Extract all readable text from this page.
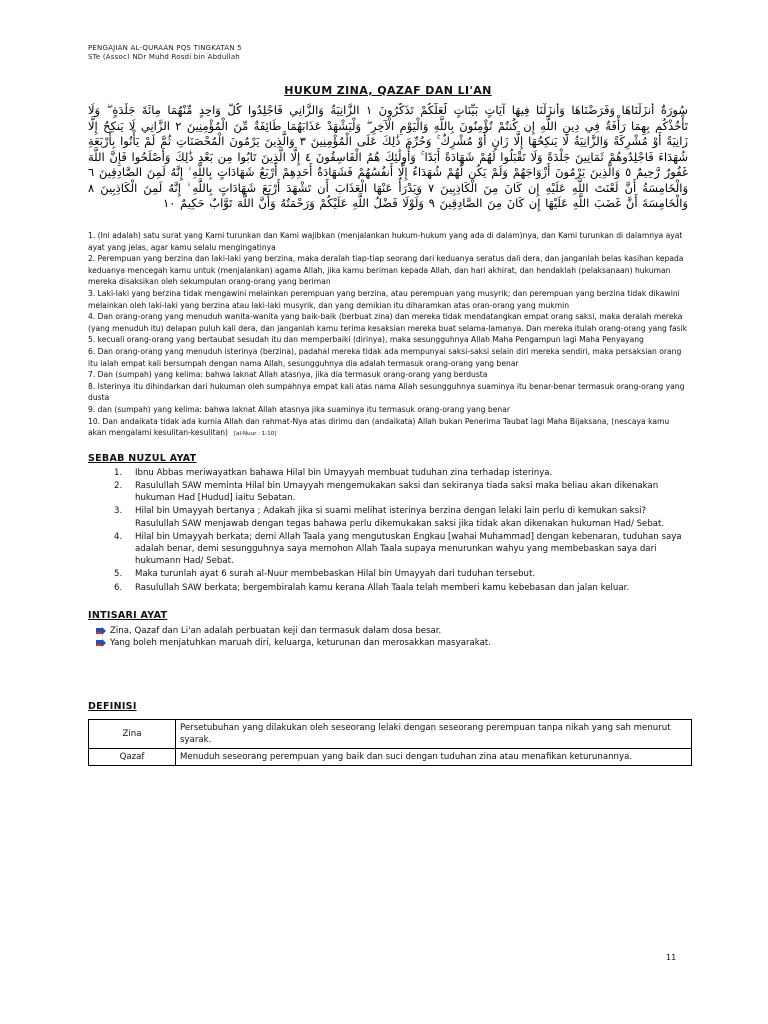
PENGAJIAN AL-QURAAN PQS TINGKATAN 5
STe (Assoc) NDr Muhd Rosdi bin Abdullah
HUKUM ZINA, QAZAF DAN LI'AN
سُورَةٌ أَنزَلْنَاهَا وَفَرَضْنَاهَا وَأَنزَلْنَا فِيهَا آيَاتٍ بَيِّنَاتٍ لَّعَلَّكُمْ تَذَكَّرُونَ ١ الزَّانِيَةُ وَالزَّانِي فَاجْلِدُوا كُلَّ وَاحِدٍ مِّنْهُمَا مِائَةَ جَلْدَةٍ ۖ وَلَا تَأْخُذْكُم بِهِمَا رَأْفَةٌ فِي دِينِ اللَّهِ إِن كُنتُمْ تُؤْمِنُونَ بِاللَّهِ وَالْيَوْمِ الْآخِرِ ۖ وَلْيَشْهَدْ عَذَابَهُمَا طَائِفَةٌ مِّنَ الْمُؤْمِنِينَ ٢ الزَّانِي لَا يَنكِحُ إِلَّا زَانِيَةً أَوْ مُشْرِكَةً وَالزَّانِيَةُ لَا يَنكِحُهَا إِلَّا زَانٍ أَوْ مُشْرِكٌ ۚ وَحُرِّمَ ذَٰلِكَ عَلَى الْمُؤْمِنِينَ ٣ وَالَّذِينَ يَرْمُونَ الْمُحْصَنَاتِ ثُمَّ لَمْ يَأْتُوا بِأَرْبَعَةِ شُهَدَاءَ فَاجْلِدُوهُمْ ثَمَانِينَ جَلْدَةً وَلَا تَقْبَلُوا لَهُمْ شَهَادَةً أَبَدًا ۚ وَأُولَٰئِكَ هُمُ الْفَاسِقُونَ ٤ إِلَّا الَّذِينَ تَابُوا مِن بَعْدِ ذَٰلِكَ وَأَصْلَحُوا فَإِنَّ اللَّهَ غَفُورٌ رَّحِيمٌ ٥ وَالَّذِينَ يَرْمُونَ أَزْوَاجَهُمْ وَلَمْ يَكُن لَّهُمْ شُهَدَاءُ إِلَّا أَنفُسُهُمْ فَشَهَادَةُ أَحَدِهِمْ أَرْبَعُ شَهَادَاتٍ بِاللَّهِ ۙ إِنَّهُ لَمِنَ الصَّادِقِينَ ٦ وَالْخَامِسَةُ أَنَّ لَعْنَتَ اللَّهِ عَلَيْهِ إِن كَانَ مِنَ الْكَاذِبِينَ ٧ وَيَدْرَأُ عَنْهَا الْعَذَابَ أَن تَشْهَدَ أَرْبَعَ شَهَادَاتٍ بِاللَّهِ ۙ إِنَّهُ لَمِنَ الْكَاذِبِينَ ٨ وَالْخَامِسَةَ أَنَّ غَضَبَ اللَّهِ عَلَيْهَا إِن كَانَ مِنَ الصَّادِقِينَ ٩ وَلَوْلَا فَضْلُ اللَّهِ عَلَيْكُمْ وَرَحْمَتُهُ وَأَنَّ اللَّهَ تَوَّابٌ حَكِيمٌ ١٠

1. (Ini adalah) satu surat yang Kami turunkan dan Kami wajibkan (menjalankan hukum-hukum yang ada di dalam)nya, dan Kami turunkan di dalamnya ayat ayat yang jelas, agar kamu selalu mengingatinya

2. Perempuan yang berzina dan laki-laki yang berzina, maka deralah tiap-tiap seorang dari keduanya seratus dali dera, dan janganlah belas kasihan kepada keduanya mencegah kamu untuk (menjalankan) agama Allah, jika kamu beriman kepada Allah, dan hari akhirat, dan hendaklah (pelaksanaan) hukuman mereka disaksikan oleh sekumpulan orang-orang yang beriman

3. Laki-laki yang berzina tidak mengawini melainkan perempuan yang berzina, atau perempuan yang musyrik; dan perempuan yang berzina tidak dikawini melainkan oleh laki-laki yang berzina atau laki-laki musyrik, dan yang demikian itu diharamkan atas oran-orang yang mukmin

4. Dan orang-orang yang menuduh wanita-wanita yang baik-baik (berbuat zina) dan mereka tidak mendatangkan empat orang saksi, maka deralah mereka (yang menuduh itu) delapan puluh kali dera, dan janganlah kamu terima kesaksian mereka buat selama-lamanya. Dan mereka itulah orang-orang yang fasik

5. kecuali orang-orang yang bertaubat sesudah itu dan memperbaiki (dirinya), maka sesungguhnya Allah Maha Pengampun lagi Maha Penyayang

6. Dan orang-orang yang menuduh isterinya (berzina), padahal mereka tidak ada mempunyai saksi-saksi selain diri mereka sendiri, maka persaksian orang itu ialah empat kali bersumpah dengan nama Allah, sesungguhnya dia adalah termasuk orang-orang yang benar

7. Dan (sumpah) yang kelima: bahwa laknat Allah atasnya, jika dia termasuk orang-orang yang berdusta

8. Isterinya itu dihindarkan dari hukuman oleh sumpahnya empat kali atas nama Allah sesungguhnya suaminya itu benar-benar termasuk orang-orang yang dusta

9. dan (sumpah) yang kelima: bahwa laknat Allah atasnya jika suaminya itu termasuk orang-orang yang benar

10. Dan andaikata tidak ada kurnia Allah dan rahmat-Nya atas dirimu dan (andaikata) Allah bukan Penerima Taubat lagi Maha Bijaksana, (nescaya kamu akan mengalami kesulitan-kesulitan) [al-Nuur : 1-10]

SEBAB NUZUL AYAT
1. Ibnu Abbas meriwayatkan bahawa Hilal bin Umayyah membuat tuduhan zina terhadap isterinya.
2. Rasulullah SAW meminta Hilal bin Umayyah mengemukakan saksi dan sekiranya tiada saksi maka beliau akan dikenakan hukuman Had [Hudud] iaitu Sebatan.
3. Hilal bin Umayyah bertanya ; Adakah jika si suami melihat isterinya berzina dengan lelaki lain perlu di kemukan saksi? Rasulullah SAW menjawab dengan tegas bahawa perlu dikemukakan saksi jika tidak akan dikenakan hukuman Had/ Sebat.
4. Hilal bin Umayyah berkata; demi Allah Taala yang mengutuskan Engkau [wahai Muhammad] dengan kebenaran, tuduhan saya adalah benar, demi sesungguhnya saya memohon Allah Taala supaya menurunkan wahyu yang membebaskan saya dari hukumann Had/ Sebat.
5. Maka turunlah ayat 6 surah al-Nuur membebaskan Hilal bin Umayyah dari tuduhan tersebut.
6. Rasulullah SAW berkata; bergembiralah kamu kerana Allah Taala telah memberi kamu kebebasan dan jalan keluar.
INTISARI AYAT
Zina, Qazaf dan Li'an adalah perbuatan keji dan termasuk dalam dosa besar.
Yang boleh menjatuhkan maruah diri, keluarga, keturunan dan merosakkan masyarakat.
DEFINISI
Zina	Persetubuhan yang dilakukan oleh seseorang lelaki dengan seseorang perempuan tanpa nikah yang sah menurut syarak.
Qazaf	Menuduh seseorang perempuan yang baik dan suci dengan tuduhan zina atau menafikan keturunannya.
11
